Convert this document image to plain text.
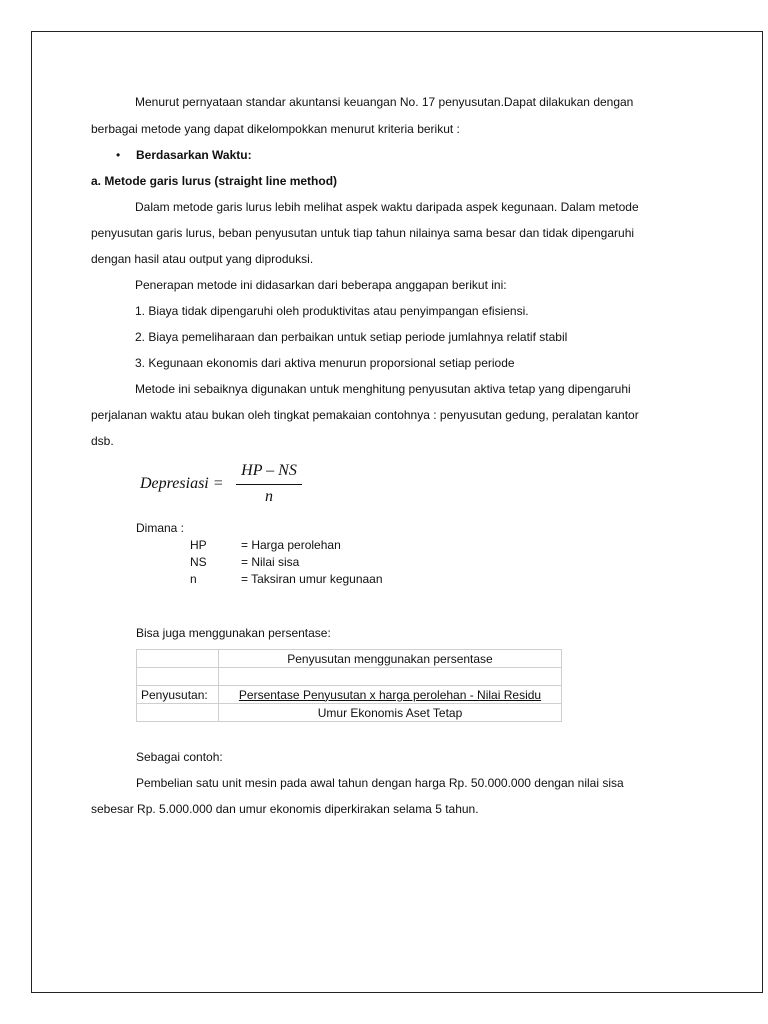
Menurut pernyataan standar akuntansi keuangan No. 17 penyusutan.Dapat dilakukan dengan
berbagai metode yang dapat dikelompokkan menurut kriteria berikut :
• Berdasarkan Waktu:
a. Metode garis lurus (straight line method)
Dalam metode garis lurus lebih melihat aspek waktu daripada aspek kegunaan. Dalam metode
penyusutan garis lurus, beban penyusutan untuk tiap tahun nilainya sama besar dan tidak dipengaruhi
dengan hasil atau output yang diproduksi.
Penerapan metode ini didasarkan dari beberapa anggapan berikut ini:
1. Biaya tidak dipengaruhi oleh produktivitas atau penyimpangan efisiensi.
2. Biaya pemeliharaan dan perbaikan untuk setiap periode jumlahnya relatif stabil
3. Kegunaan ekonomis dari aktiva menurun proporsional setiap periode
Metode ini sebaiknya digunakan untuk menghitung penyusutan aktiva tetap yang dipengaruhi
perjalanan waktu atau bukan oleh tingkat pemakaian contohnya : penyusutan gedung, peralatan kantor
dsb.
Depresiasi =
HP – NS
n
Dimana :
HP	= Harga perolehan
NS	= Nilai sisa
n	= Taksiran umur kegunaan
Bisa juga menggunakan persentase:
	Penyusutan menggunakan persentase

Penyusutan:	Persentase Penyusutan x harga perolehan - Nilai Residu
	Umur Ekonomis Aset Tetap
Sebagai contoh:
Pembelian satu unit mesin pada awal tahun dengan harga Rp. 50.000.000 dengan nilai sisa
sebesar Rp. 5.000.000 dan umur ekonomis diperkirakan selama 5 tahun.
